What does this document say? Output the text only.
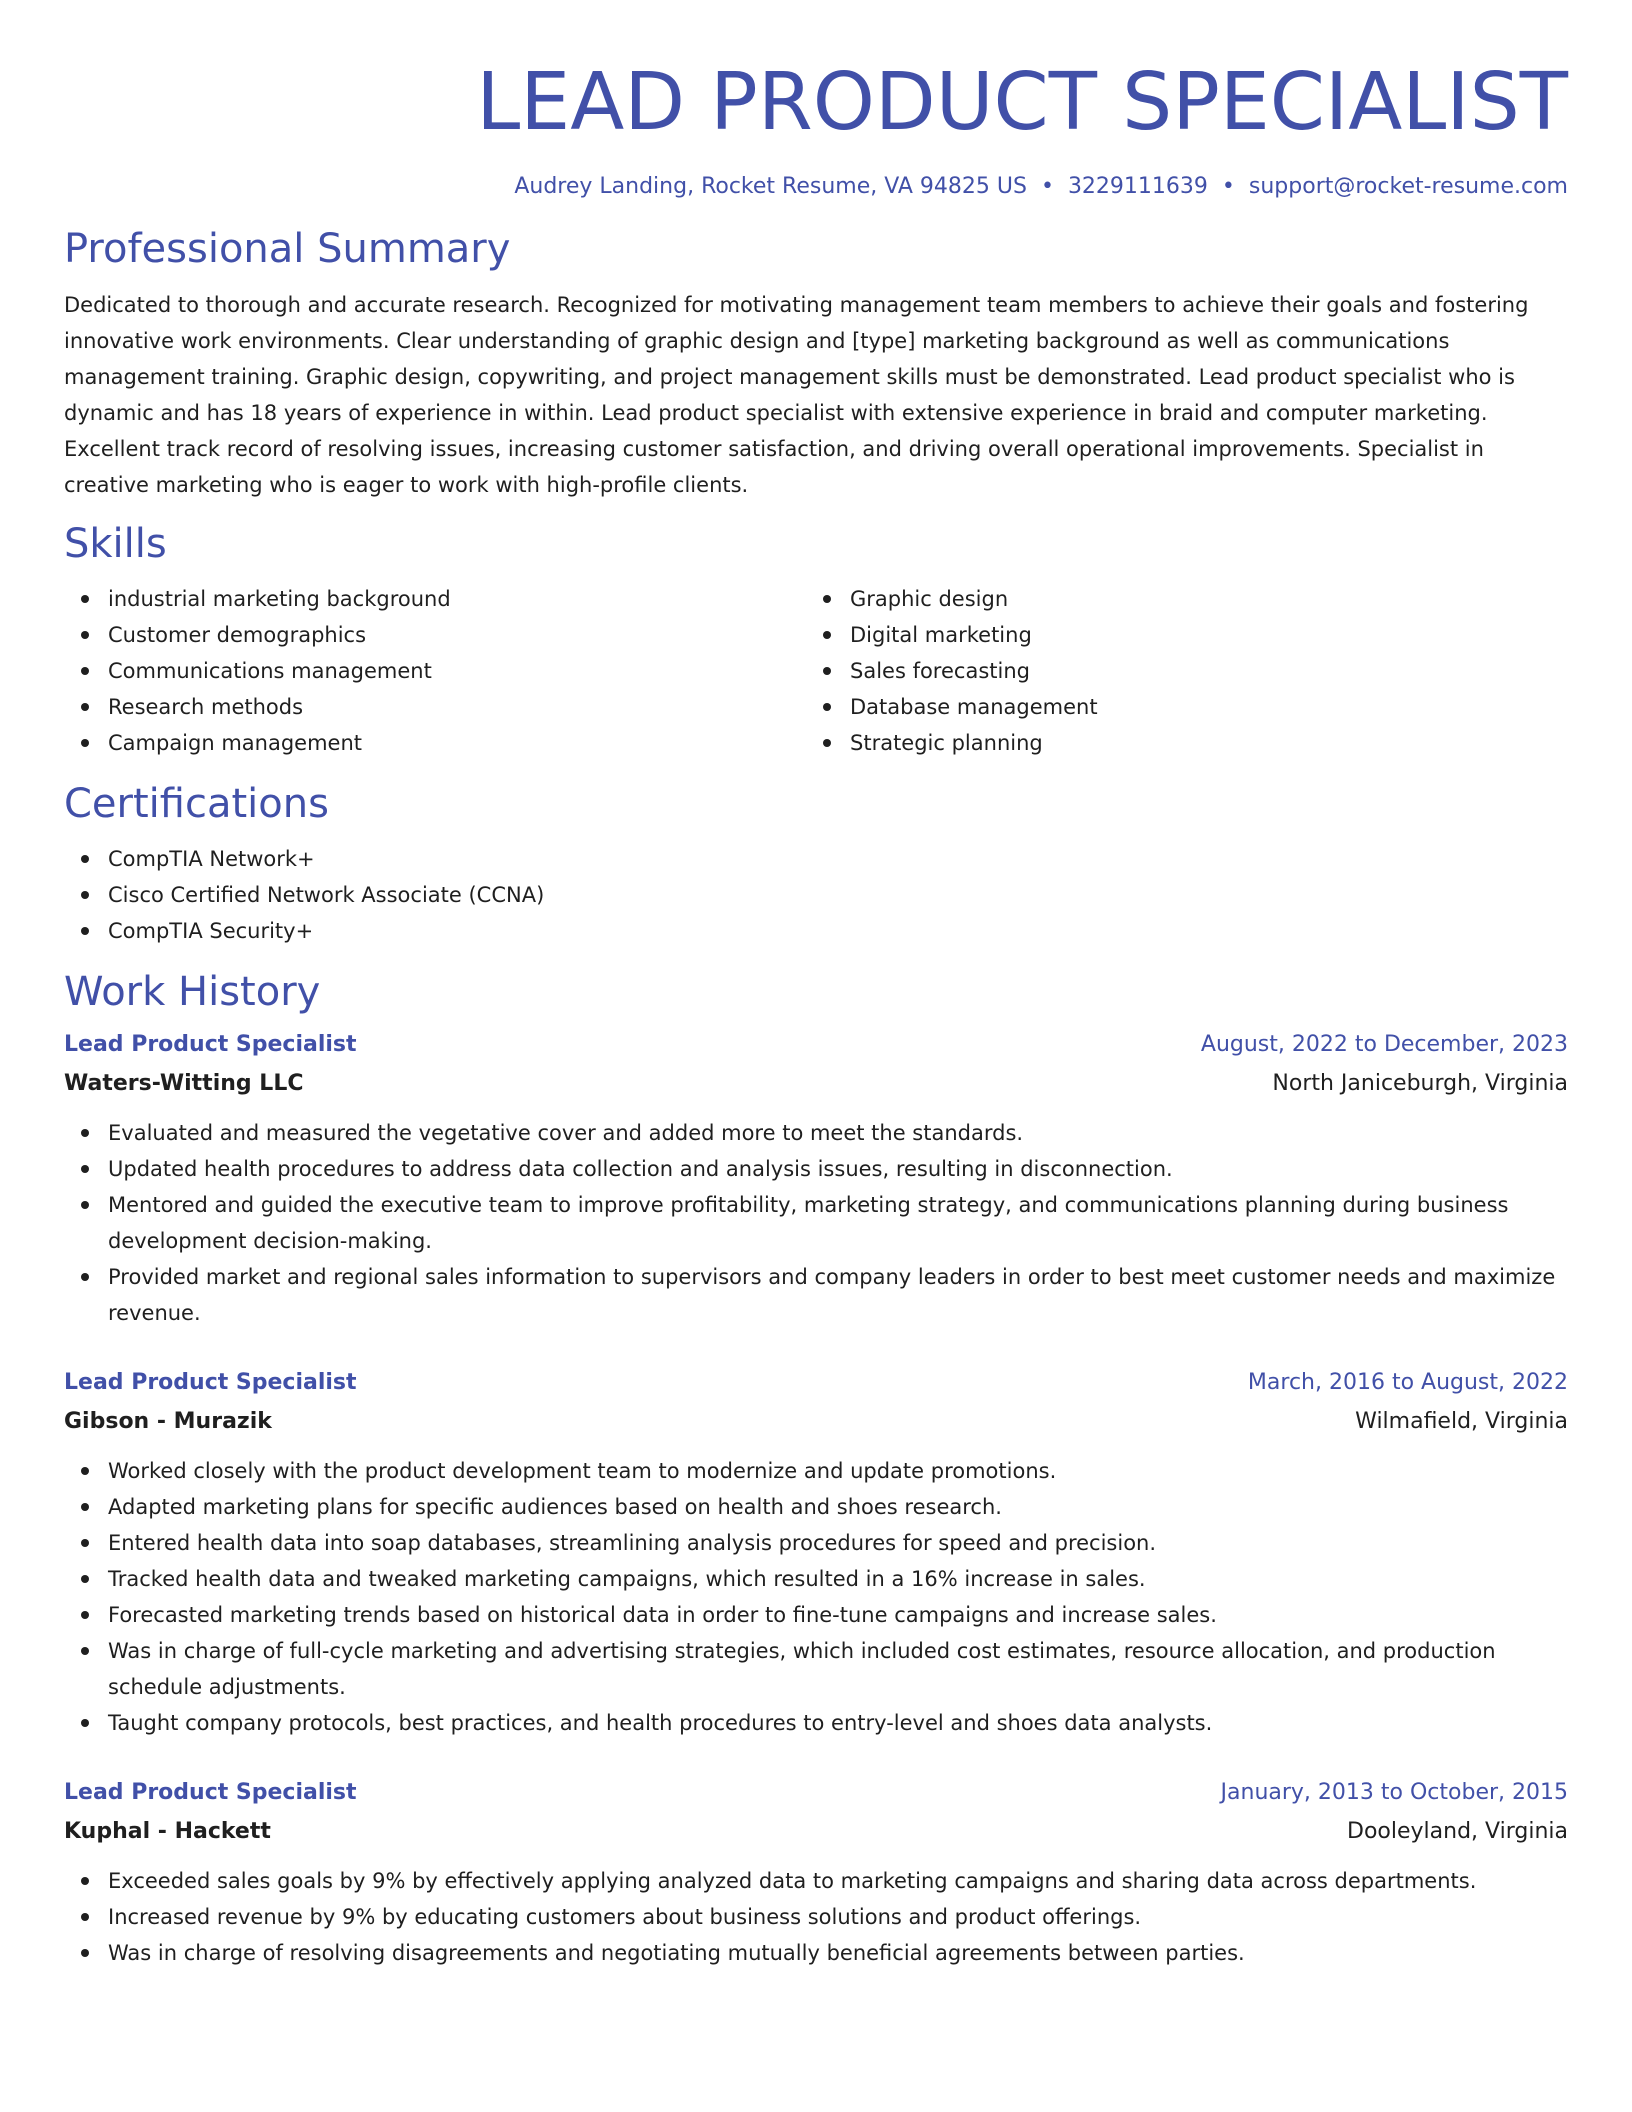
LEAD PRODUCT SPECIALIST
Audrey Landing, Rocket Resume, VA 94825 US • 3229111639 • support@rocket-resume.com
Professional Summary

Dedicated to thorough and accurate research. Recognized for motivating management team members to achieve their goals and fostering innovative work environments. Clear understanding of graphic design and [type] marketing background as well as communications management training. Graphic design, copywriting, and project management skills must be demonstrated. Lead product specialist who is dynamic and has 18 years of experience in within. Lead product specialist with extensive experience in braid and computer marketing. Excellent track record of resolving issues, increasing customer satisfaction, and driving overall operational improvements. Specialist in creative marketing who is eager to work with high-profile clients.

Skills
industrial marketing background
Customer demographics
Communications management
Research methods
Campaign management
Graphic design
Digital marketing
Sales forecasting
Database management
Strategic planning
Certifications
CompTIA Network+
Cisco Certified Network Associate (CCNA)
CompTIA Security+
Work History
Lead Product Specialist	August, 2022 to December, 2023
Waters-Witting LLC	North Janiceburgh, Virginia
Evaluated and measured the vegetative cover and added more to meet the standards.
Updated health procedures to address data collection and analysis issues, resulting in disconnection.
Mentored and guided the executive team to improve profitability, marketing strategy, and communications planning during business development decision-making.
Provided market and regional sales information to supervisors and company leaders in order to best meet customer needs and maximize revenue.
Lead Product Specialist	March, 2016 to August, 2022
Gibson - Murazik	Wilmafield, Virginia
Worked closely with the product development team to modernize and update promotions.
Adapted marketing plans for specific audiences based on health and shoes research.
Entered health data into soap databases, streamlining analysis procedures for speed and precision.
Tracked health data and tweaked marketing campaigns, which resulted in a 16% increase in sales.
Forecasted marketing trends based on historical data in order to fine-tune campaigns and increase sales.
Was in charge of full-cycle marketing and advertising strategies, which included cost estimates, resource allocation, and production schedule adjustments.
Taught company protocols, best practices, and health procedures to entry-level and shoes data analysts.
Lead Product Specialist	January, 2013 to October, 2015
Kuphal - Hackett	Dooleyland, Virginia
Exceeded sales goals by 9% by effectively applying analyzed data to marketing campaigns and sharing data across departments.
Increased revenue by 9% by educating customers about business solutions and product offerings.
Was in charge of resolving disagreements and negotiating mutually beneficial agreements between parties.
